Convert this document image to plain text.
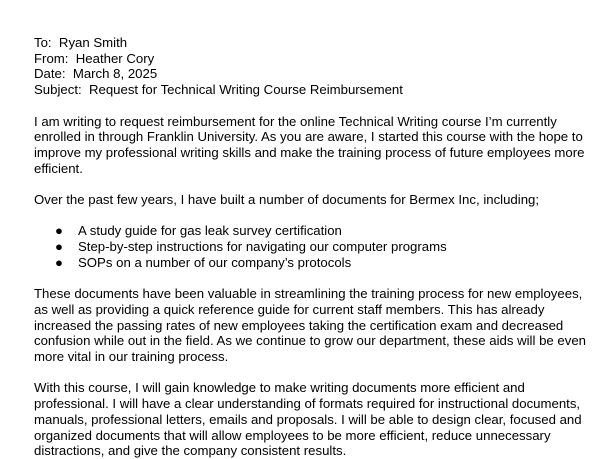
To:  Ryan Smith

From:  Heather Cory

Date:  March 8, 2025

Subject:  Request for Technical Writing Course Reimbursement

I am writing to request reimbursement for the online Technical Writing course I’m currently enrolled in through Franklin University. As you are aware, I started this course with the hope to improve my professional writing skills and make the training process of future employees more efficient.

Over the past few years, I have built a number of documents for Bermex Inc, including;

● A study guide for gas leak survey certification
● Step-by-step instructions for navigating our computer programs
● SOPs on a number of our company’s protocols

These documents have been valuable in streamlining the training process for new employees, as well as providing a quick reference guide for current staff members. This has already increased the passing rates of new employees taking the certification exam and decreased confusion while out in the field. As we continue to grow our department, these aids will be even more vital in our training process.

With this course, I will gain knowledge to make writing documents more efficient and professional. I will have a clear understanding of formats required for instructional documents, manuals, professional letters, emails and proposals. I will be able to design clear, focused and organized documents that will allow employees to be more efficient, reduce unnecessary distractions, and give the company consistent results.
